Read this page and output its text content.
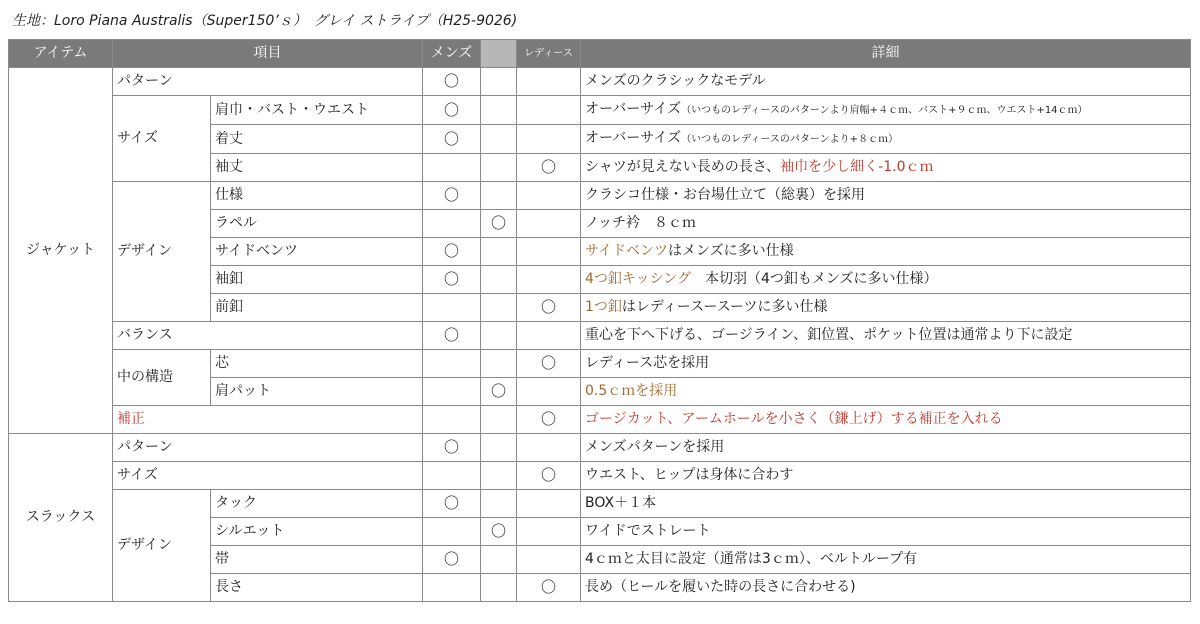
生地：Loro Piana Australis（Super150’ｓ）　グレイ ストライプ（H25-9026)
アイテム	項目		メンズ		レディース	詳細
ジャケット	パターン		〇			メンズのクラシックなモデル
	サイズ	肩巾・バスト・ウエスト	〇			オーバーサイズ（いつものレディースのパターンより肩幅+４ｃｍ、バスト+９ｃｍ、ウエスト+14ｃｍ）
		着丈	〇			オーバーサイズ（いつものレディースのパターンより+８ｃｍ）
		袖丈			〇	シャツが見えない長めの長さ、袖巾を少し細く-1.0ｃｍ
	デザイン	仕様	〇			クラシコ仕様・お台場仕立て（総裏）を採用
		ラペル		〇		ノッチ衿　８ｃｍ
		サイドベンツ	〇			サイドベンツはメンズに多い仕様
		袖釦	〇			4つ釦キッシング　本切羽（4つ釦もメンズに多い仕様）
		前釦			〇	1つ釦はレディースースーツに多い仕様
	バランス		〇			重心を下へ下げる、ゴージライン、釦位置、ポケット位置は通常より下に設定
	中の構造	芯			〇	レディース芯を採用
		肩パット		〇		0.5ｃｍを採用
	補正				〇	ゴージカット、アームホールを小さく（鎌上げ）する補正を入れる
スラックス	パターン		〇			メンズパターンを採用
	サイズ				〇	ウエスト、ヒップは身体に合わす
	デザイン	タック	〇			BOX＋１本
		シルエット		〇		ワイドでストレート
		帯	〇			4ｃｍと太目に設定（通常は3ｃｍ）、ベルトループ有
		長さ			〇	長め（ヒールを履いた時の長さに合わせる)
